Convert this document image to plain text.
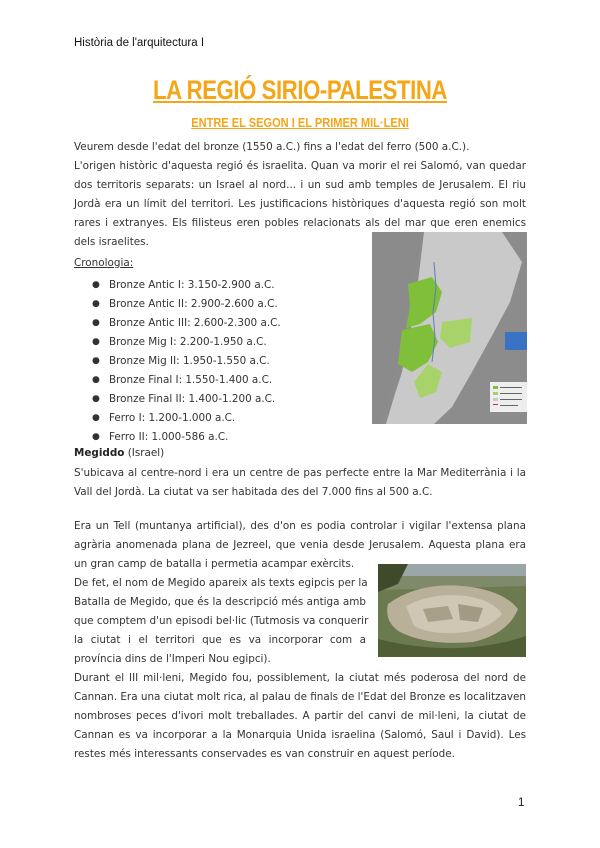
Història de l'arquitectura I
LA REGIÓ SIRIO-PALESTINA
ENTRE EL SEGON I EL PRIMER MIL·LENI
Veurem desde l'edat del bronze (1550 a.C.) fins a l'edat del ferro (500 a.C.).
L'origen històric d'aquesta regió és israelita. Quan va morir el rei Salomó, van quedar
dos territoris separats: un Israel al nord... i un sud amb temples de Jerusalem. El riu
Jordà era un límit del territori. Les justificacions històriques d'aquesta regió son molt
rares i extranyes. Els filisteus eren pobles relacionats als del mar que eren enemics
dels israelites.
Cronologia:
● Bronze Antic I: 3.150-2.900 a.C.
● Bronze Antic II: 2.900-2.600 a.C.
● Bronze Antic III: 2.600-2.300 a.C.
● Bronze Mig I: 2.200-1.950 a.C.
● Bronze Mig II: 1.950-1.550 a.C.
● Bronze Final I: 1.550-1.400 a.C.
● Bronze Final II: 1.400-1.200 a.C.
● Ferro I: 1.200-1.000 a.C.
● Ferro II: 1.000-586 a.C.
Megiddo (Israel)
S'ubicava al centre-nord i era un centre de pas perfecte entre la Mar Mediterrània i la
Vall del Jordà. La ciutat va ser habitada des del 7.000 fins al 500 a.C.
Era un Tell (muntanya artificial), des d'on es podia controlar i vigilar l'extensa plana
agrària anomenada plana de Jezreel, que venia desde Jerusalem. Aquesta plana era
un gran camp de batalla i permetia acampar exèrcits.
De fet, el nom de Megido apareix als texts egipcis per la
Batalla de Megido, que és la descripció més antiga amb
que comptem d'un episodi bel·lic (Tutmosis va conquerir
la ciutat i el territori que es va incorporar com a
província dins de l'Imperi Nou egipci).
Durant el III mil·leni, Megido fou, possiblement, la ciutat més poderosa del nord de
Cannan. Era una ciutat molt rica, al palau de finals de l'Edat del Bronze es localitzaven
nombroses peces d'ivori molt treballades. A partir del canvi de mil·leni, la ciutat de
Cannan es va incorporar a la Monarquia Unida israelina (Salomó, Saul i David). Les
restes més interessants conservades es van construir en aquest període.
1
